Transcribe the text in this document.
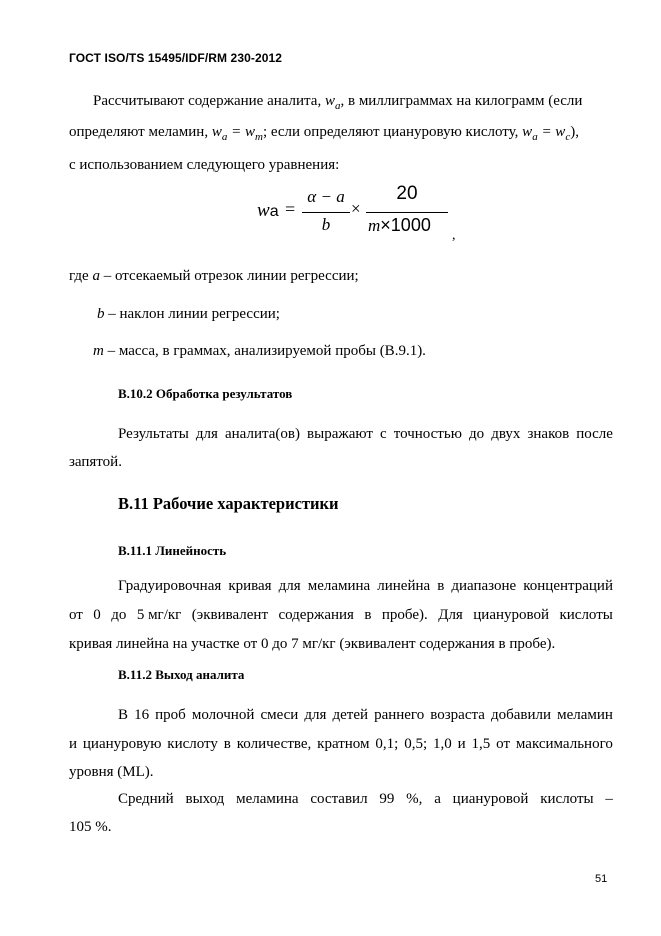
ГОСТ ISO/TS 15495/IDF/RM 230-2012
Рассчитывают содержание аналита, $w_a$, в миллиграммах на килограмм (если
определяют меламин, $w_a = w_m$; если определяют циануровую кислоту, $w_a = w_c$),
с использованием следующего уравнения:
wa =
α − a
b
×
20
m×1000
,
где a – отсекаемый отрезок линии регрессии;
b – наклон линии регрессии;
m – масса, в граммах, анализируемой пробы (В.9.1).
В.10.2 Обработка результатов
Результаты для аналита(ов) выражают с точностью до двух знаков после
запятой.
В.11 Рабочие характеристики
В.11.1 Линейность
Градуировочная кривая для меламина линейна в диапазоне концентраций
от 0 до 5 мг/кг (эквивалент содержания в пробе). Для циануровой кислоты
кривая линейна на участке от 0 до 7 мг/кг (эквивалент содержания в пробе).
В.11.2 Выход аналита
В 16 проб молочной смеси для детей раннего возраста добавили меламин
и циануровую кислоту в количестве, кратном 0,1; 0,5; 1,0 и 1,5 от максимального
уровня (ML).
Средний выход меламина составил 99 %, а циануровой кислоты –
105 %.
51
